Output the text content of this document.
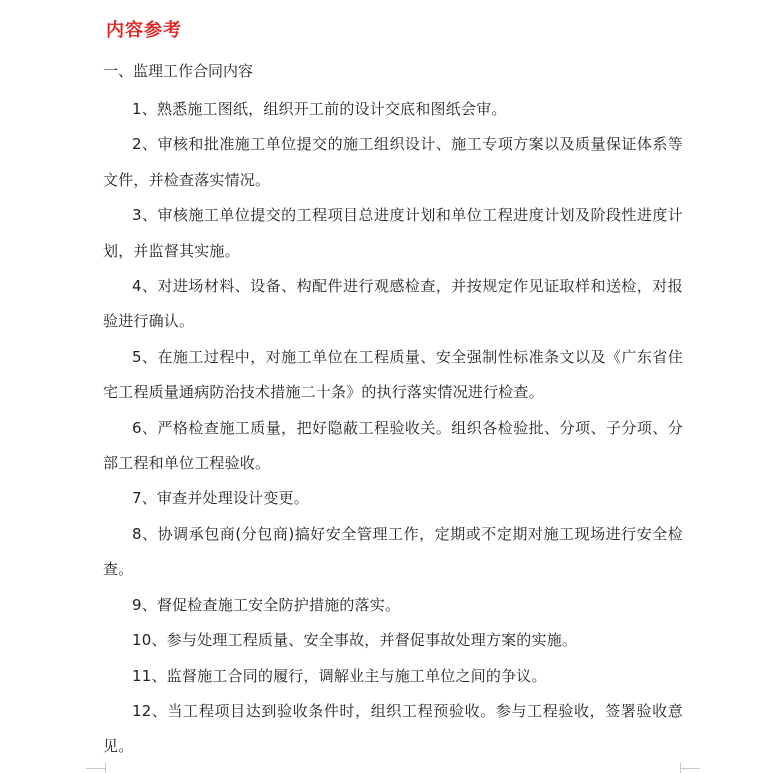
内容参考
一、监理工作合同内容

1、熟悉施工图纸，组织开工前的设计交底和图纸会审。

2、审核和批准施工单位提交的施工组织设计、施工专项方案以及质量保证体系等文件，并检查落实情况。

3、审核施工单位提交的工程项目总进度计划和单位工程进度计划及阶段性进度计划，并监督其实施。

4、对进场材料、设备、构配件进行观感检查，并按规定作见证取样和送检，对报验进行确认。

5、在施工过程中，对施工单位在工程质量、安全强制性标准条文以及《广东省住宅工程质量通病防治技术措施二十条》的执行落实情况进行检查。

6、严格检查施工质量，把好隐蔽工程验收关。组织各检验批、分项、子分项、分部工程和单位工程验收。

7、审查并处理设计变更。

8、协调承包商(分包商)搞好安全管理工作，定期或不定期对施工现场进行安全检查。

9、督促检查施工安全防护措施的落实。

10、参与处理工程质量、安全事故，并督促事故处理方案的实施。

11、监督施工合同的履行，调解业主与施工单位之间的争议。

12、当工程项目达到验收条件时，组织工程预验收。参与工程验收，签署验收意见。
